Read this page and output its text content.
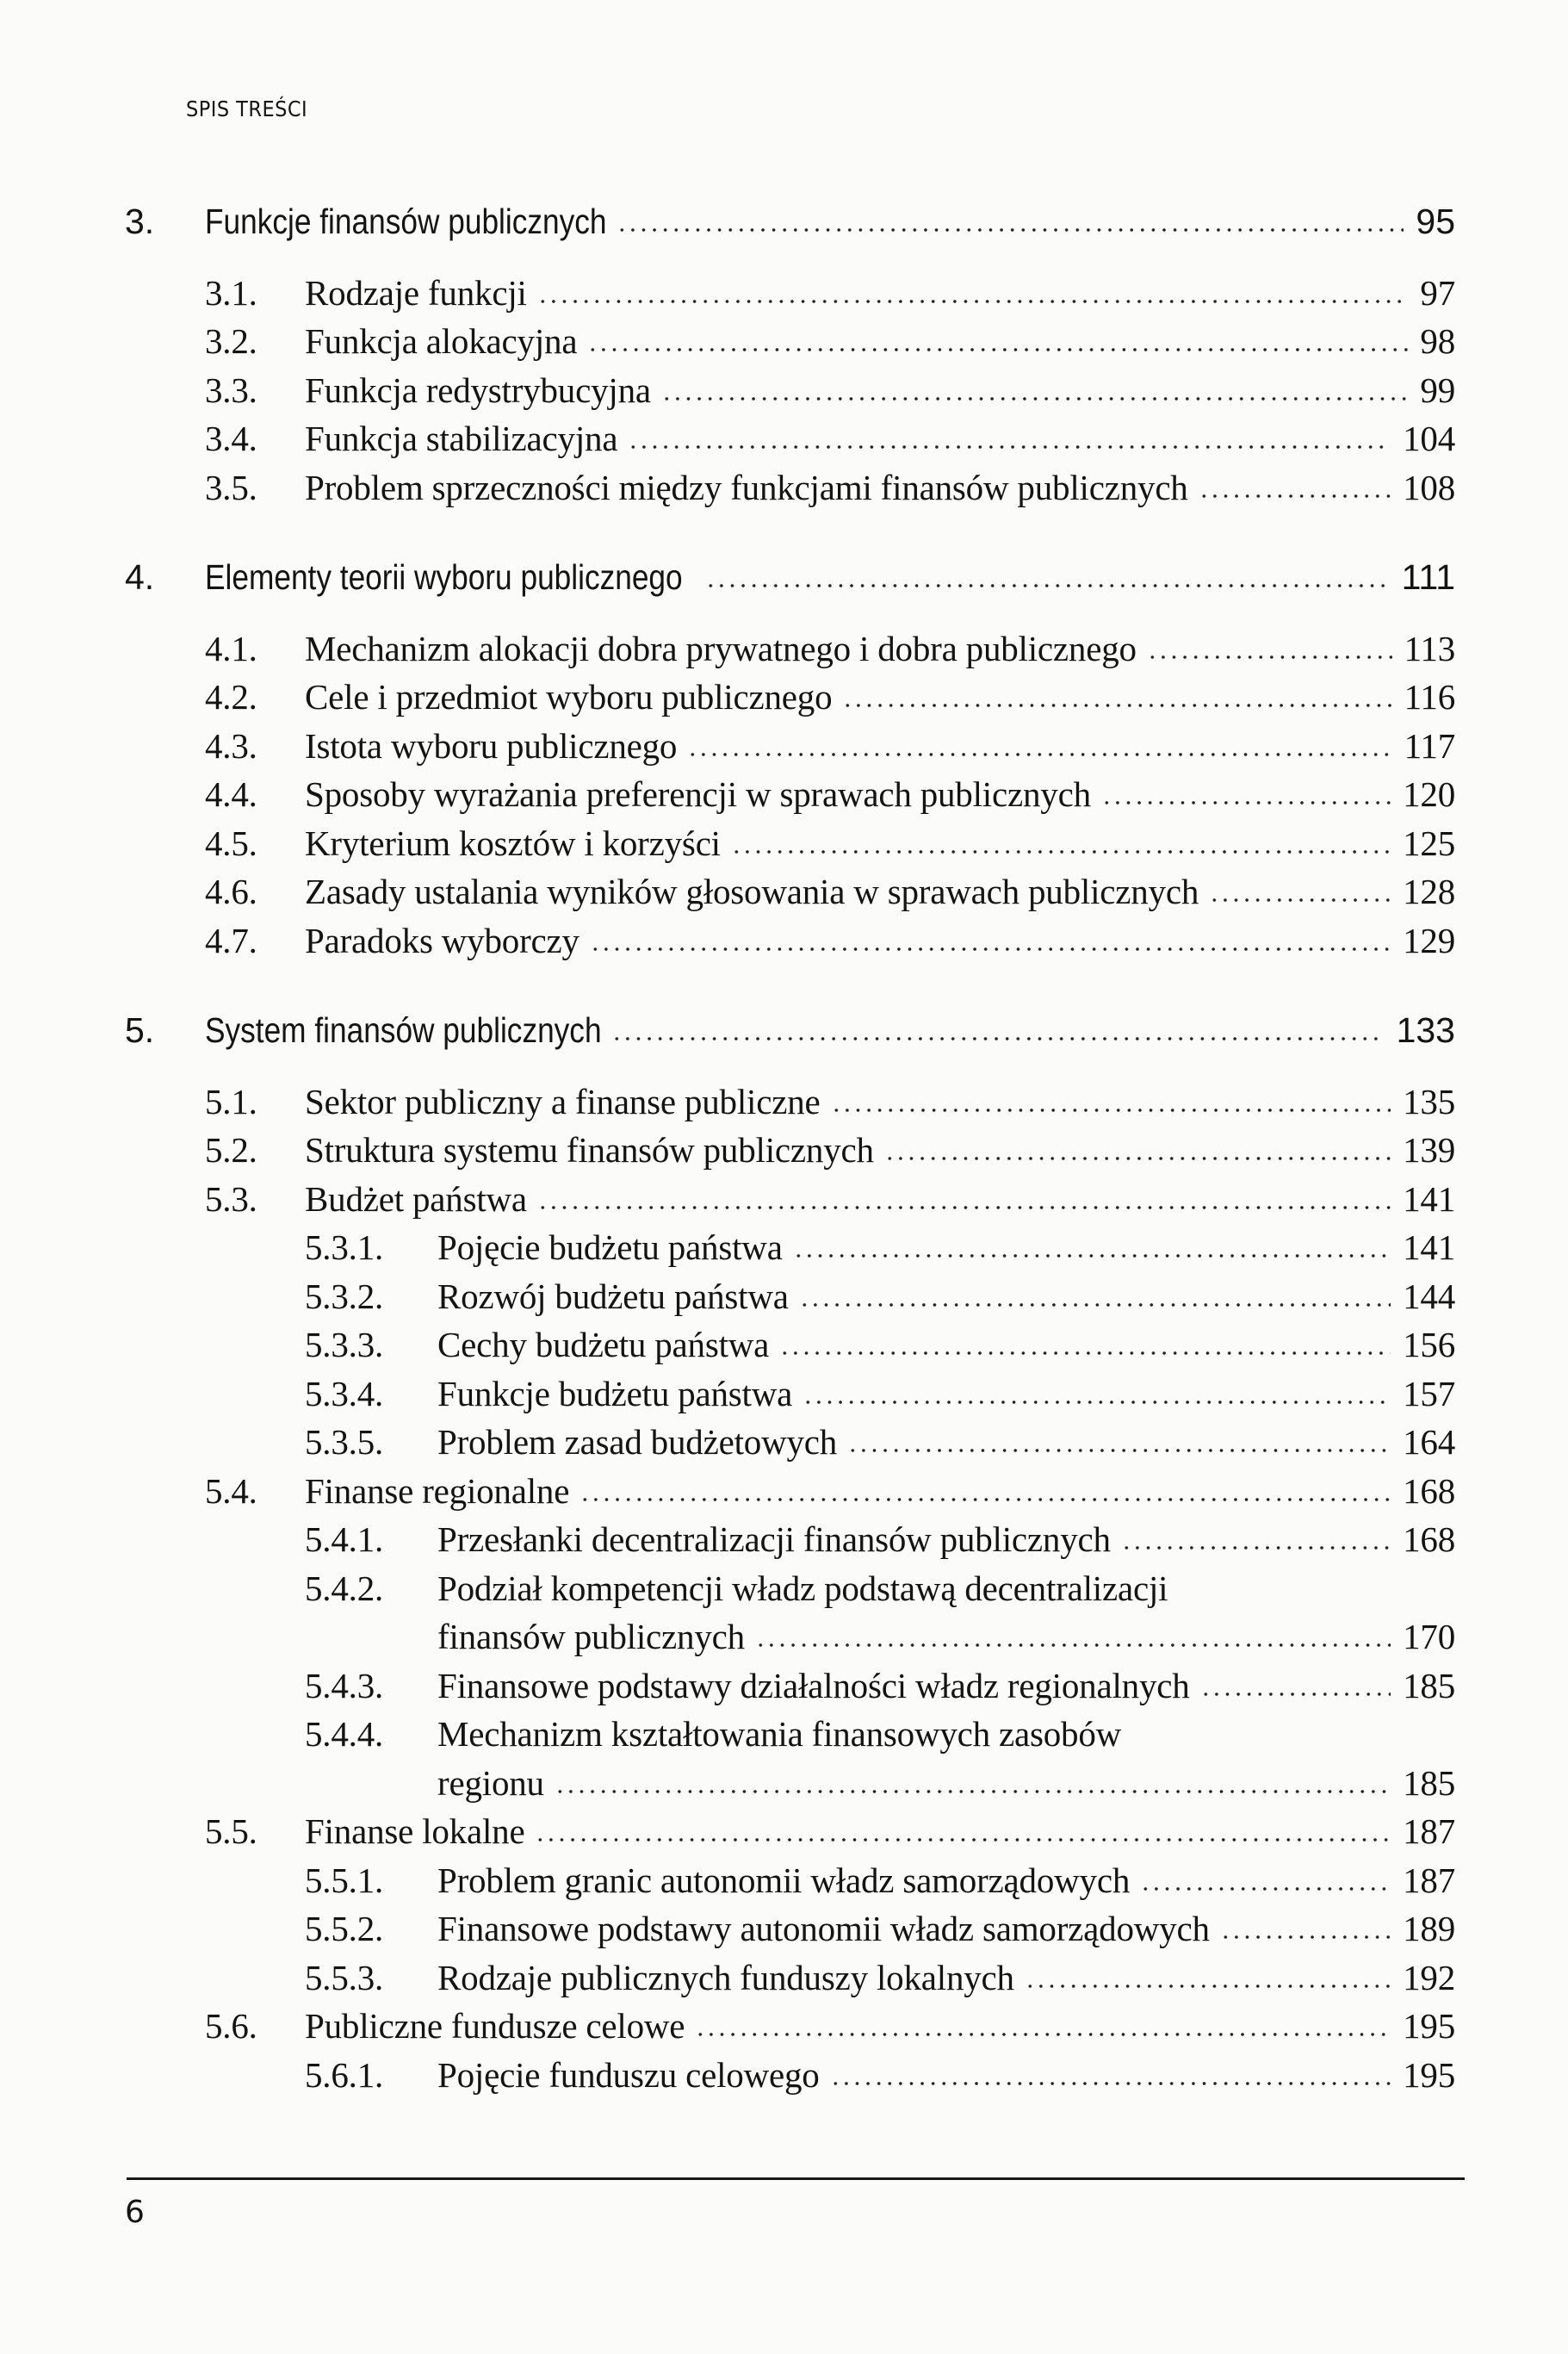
SPIS TREŚCI
3. Funkcje finansów publicznych	95
3.1. Rodzaje funkcji	97
3.2. Funkcja alokacyjna	98
3.3. Funkcja redystrybucyjna	99
3.4. Funkcja stabilizacyjna	104
3.5. Problem sprzeczności między funkcjami finansów publicznych	108
4. Elementy teorii wyboru publicznego	111
4.1. Mechanizm alokacji dobra prywatnego i dobra publicznego	113
4.2. Cele i przedmiot wyboru publicznego	116
4.3. Istota wyboru publicznego	117
4.4. Sposoby wyrażania preferencji w sprawach publicznych	120
4.5. Kryterium kosztów i korzyści	125
4.6. Zasady ustalania wyników głosowania w sprawach publicznych	128
4.7. Paradoks wyborczy	129
5. System finansów publicznych	133
5.1. Sektor publiczny a finanse publiczne	135
5.2. Struktura systemu finansów publicznych	139
5.3. Budżet państwa	141
5.3.1. Pojęcie budżetu państwa	141
5.3.2. Rozwój budżetu państwa	144
5.3.3. Cechy budżetu państwa	156
5.3.4. Funkcje budżetu państwa	157
5.3.5. Problem zasad budżetowych	164
5.4. Finanse regionalne	168
5.4.1. Przesłanki decentralizacji finansów publicznych	168
5.4.2. Podział kompetencji władz podstawą decentralizacji
finansów publicznych	170
5.4.3. Finansowe podstawy działalności władz regionalnych	185
5.4.4. Mechanizm kształtowania finansowych zasobów
regionu	185
5.5. Finanse lokalne	187
5.5.1. Problem granic autonomii władz samorządowych	187
5.5.2. Finansowe podstawy autonomii władz samorządowych	189
5.5.3. Rodzaje publicznych funduszy lokalnych	192
5.6. Publiczne fundusze celowe	195
5.6.1. Pojęcie funduszu celowego	195
6
